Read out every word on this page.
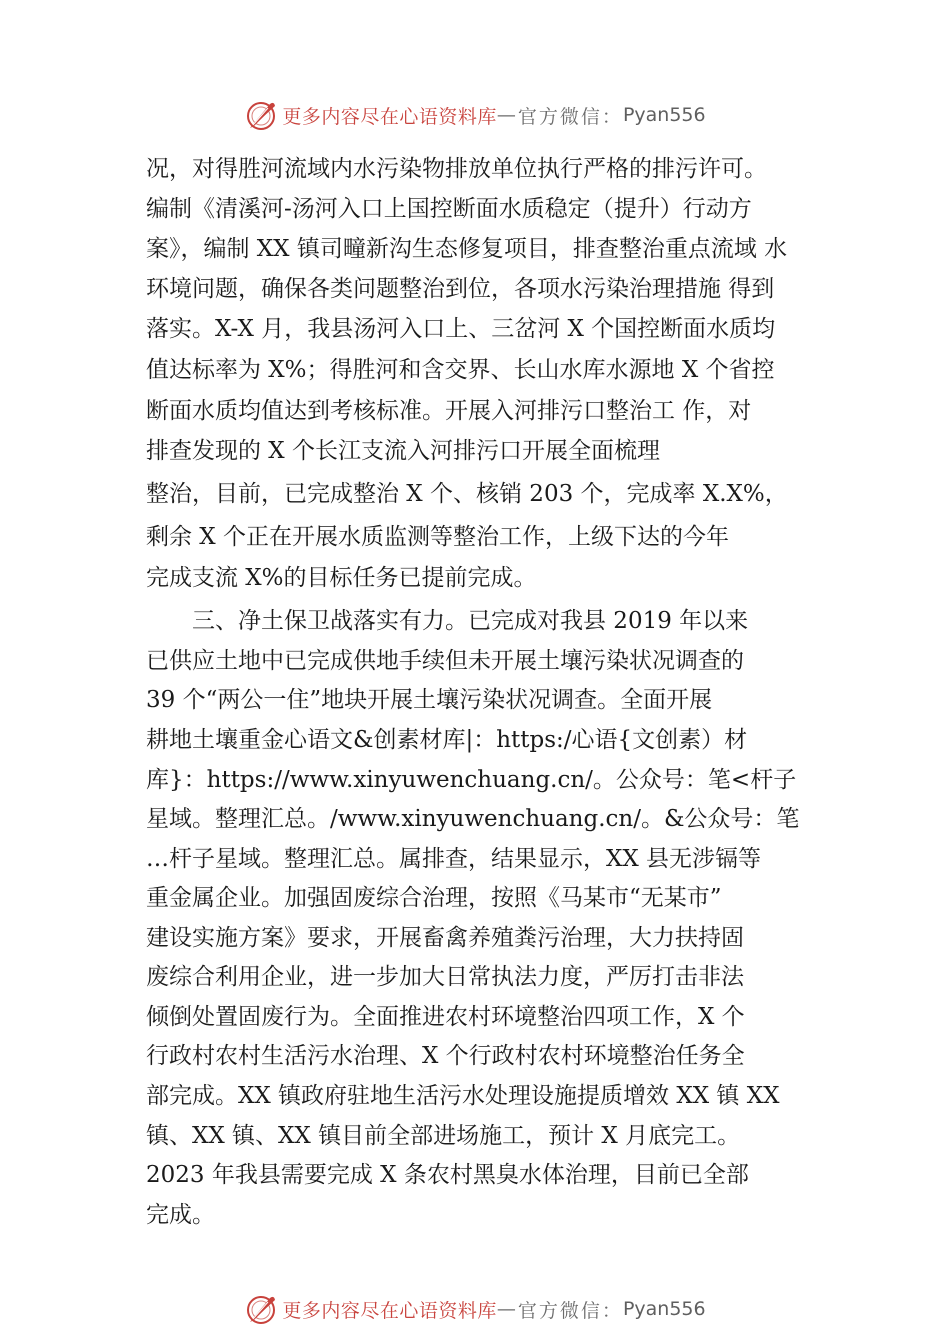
更多内容尽在心语资料库 — 官方微信： Pyan556
况，对得胜河流域内水污染物排放单位执行严格的排污许可。
编制《清溪河-汤河入口上国控断面水质稳定（提升）行动方
案》，编制 XX 镇司疃新沟生态修复项目，排查整治重点流域 水
环境问题，确保各类问题整治到位，各项水污染治理措施 得到
落实。X-X 月，我县汤河入口上、三岔河 X 个国控断面水质均
值达标率为 X%；得胜河和含交界、长山水库水源地 X 个省控
断面水质均值达到考核标准。开展入河排污口整治工 作，对
排查发现的 X 个长江支流入河排污口开展全面梳理
整治，目前，已完成整治 X 个、核销 203 个，完成率 X.X%，
剩余 X 个正在开展水质监测等整治工作，上级下达的今年
完成支流 X%的目标任务已提前完成。
三、净土保卫战落实有力。已完成对我县 2019 年以来
已供应土地中已完成供地手续但未开展土壤污染状况调查的
39 个“两公一住”地块开展土壤污染状况调查。全面开展
耕地土壤重金心语文&创素材库|：https:/心语{文创素）材
库}：https://www.xinyuwenchuang.cn/。公众号：笔<杆子
星域。整理汇总。/www.xinyuwenchuang.cn/。&公众号：笔
…杆子星域。整理汇总。属排查，结果显示，XX 县无涉镉等
重金属企业。加强固废综合治理，按照《马某市“无某市”
建设实施方案》要求，开展畜禽养殖粪污治理，大力扶持固
废综合利用企业，进一步加大日常执法力度，严厉打击非法
倾倒处置固废行为。全面推进农村环境整治四项工作，X 个
行政村农村生活污水治理、X 个行政村农村环境整治任务全
部完成。XX 镇政府驻地生活污水处理设施提质增效 XX 镇 XX
镇、XX 镇、XX 镇目前全部进场施工，预计 X 月底完工。
2023 年我县需要完成 X 条农村黑臭水体治理，目前已全部
完成。
更多内容尽在心语资料库 — 官方微信： Pyan556
